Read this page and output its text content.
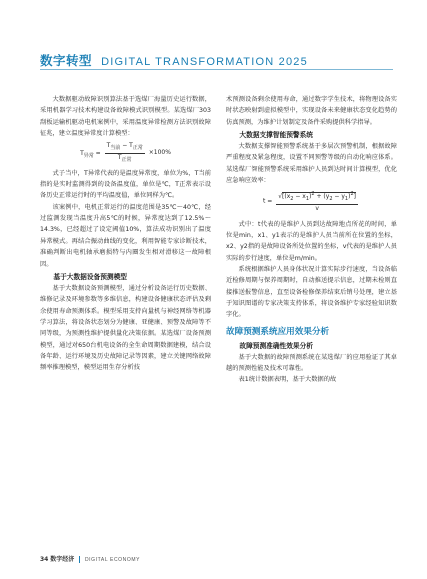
数字转型 DIGITAL TRANSFORMATION 2025

大数据驱动故障识别算法基于选煤厂海量历史运行数据，采用机器学习技术构建设备故障模式识别模型。某选煤厂303刮板运输机驱动电机案例中，采用温度异常检测方法识别故障征兆，建立温度异常度计算模型：

$T_{异常} = \frac{T_{当前} - T_{正常}}{T_{正常}} \times 100\%$

式子当中，T异常代表的是温度异常度，单位为%，T当前指的是实时监测得到的设备温度值，单位是℃，T正常表示设备历史正常运行时的平均温度值，单位同样为℃。

该案例中，电机正常运行的温度范围是35℃～40℃，经过监测发现当温度升高5℃的时候，异常度达到了12.5%～14.3%，已经超过了设定阈值10%，算法成功识别出了温度异常模式。再结合振动曲线的变化，利用智能专家诊断技术，准确判断出电机轴承磨损特与内圈发生相对滑移这一故障根因。

基于大数据设备预测模型

基于大数据设备预测模型，通过分析设备运行历史数据、维修记录及环境参数等多维信息，构建设备健康状态评估及剩余使用寿命预测体系。模型采用支持向量机与神经网络等机器学习算法，将设备状态划分为健康、亚健康、预警及故障等不同等级，为预测性维护提供量化决策依据。某选煤厂设备预测模型，通过对650台机电设备的全生命周期数据建模，结合设备年龄、运行环境及历史故障记录等因素，建立关键网络故障频率推理模型，模型运用生存分析技

术预测设备剩余使用寿命，通过数字学生技术，将物理设备实时状态映射到虚拟模型中，实现设备未来健康状态变化趋势的仿真预测，为维护计划制定及备件采购提供科学指导。

大数据支撑智能预警系统

大数据支撑智能预警系统基于多层次预警机制，根据故障严重程度及紧急程度，设置不同预警等级的自动化响应体系。某选煤厂智能预警系统采用维护人员到达时间计算模型，优化应急响应效率：

$t = \frac{√[(x_2 - x_1)^2 + (y_2 - y_1)^2]}{v}$

式中：t代表的是维护人员到达故障地点所花的时间，单位是min，x1、y1表示的是维护人员当前所在位置的坐标，x2、y2指的是故障设备所处位置的坐标，v代表的是维护人员实际的步行速度，单位是m/min。

系统根据维护人员身体状况计算实际步行速度，当设备临近检修周期与保养周期时，自动推送提示信息，过期未检则直接推送报警信息，直至设备检修保养结束后销号处理，建立基于知识图谱的专家决策支持体系，将设备维护专家经验知识数字化。

故障预测系统应用效果分析
故障预测准确性效果分析

基于大数据的故障预测系统在某选煤厂的应用验证了其卓越的预测性能及技术可靠性。

表1统计数据表明，基于大数据的故

34 数字经济 DIGITAL ECONOMY
